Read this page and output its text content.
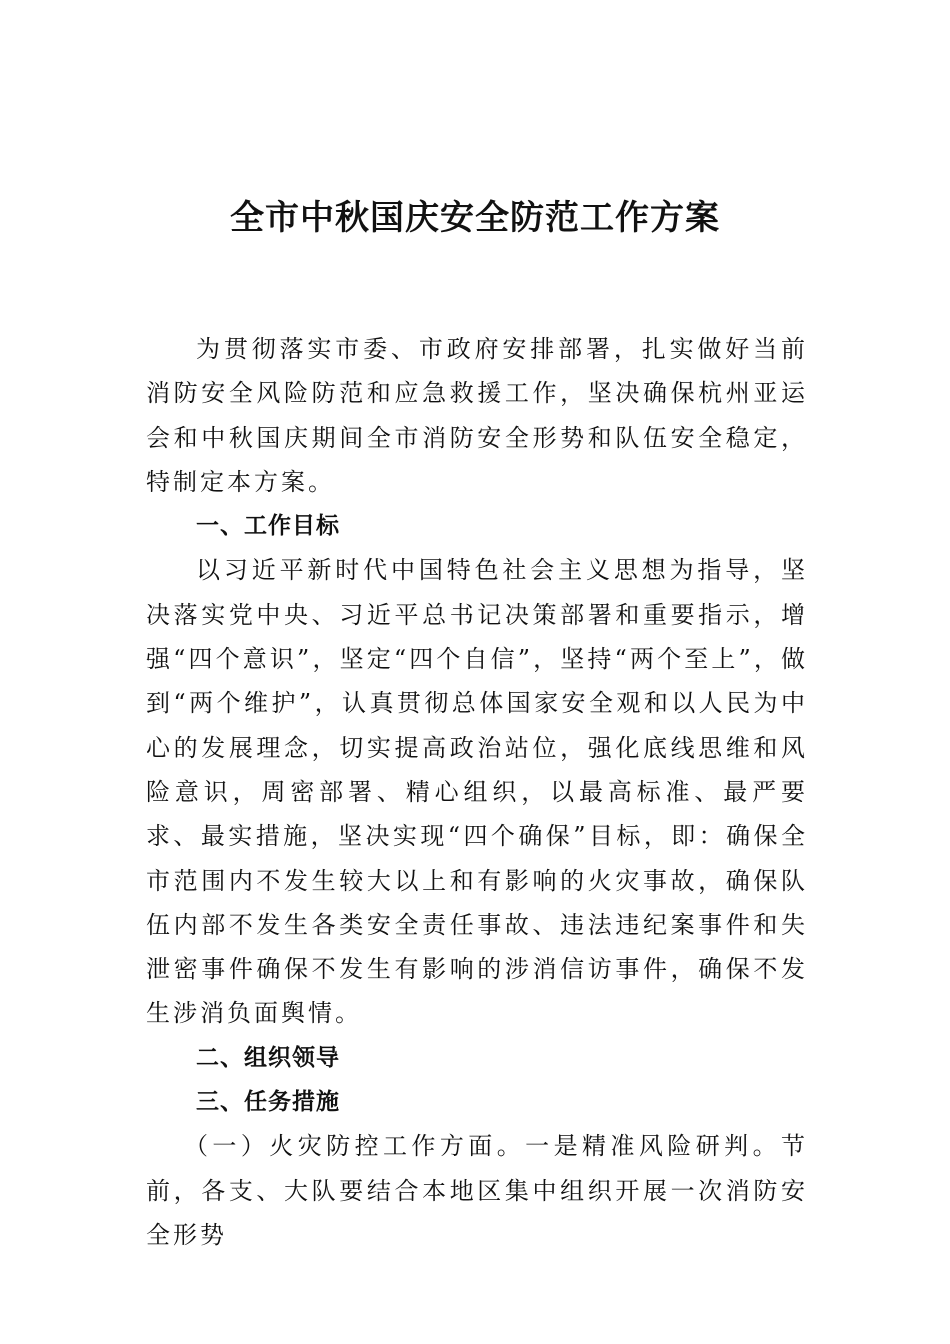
全市中秋国庆安全防范工作方案

为贯彻落实市委、市政府安排部署，扎实做好当前消防安全风险防范和应急救援工作，坚决确保杭州亚运会和中秋国庆期间全市消防安全形势和队伍安全稳定，特制定本方案。

一、工作目标

以习近平新时代中国特色社会主义思想为指导，坚决落实党中央、习近平总书记决策部署和重要指示，增强“四个意识”，坚定“四个自信”，坚持“两个至上”，做到“两个维护”，认真贯彻总体国家安全观和以人民为中心的发展理念，切实提高政治站位，强化底线思维和风险意识，周密部署、精心组织，以最高标准、最严要求、最实措施，坚决实现“四个确保”目标，即：确保全市范围内不发生较大以上和有影响的火灾事故，确保队伍内部不发生各类安全责任事故、违法违纪案事件和失泄密事件确保不发生有影响的涉消信访事件，确保不发生涉消负面舆情。

二、组织领导

三、任务措施

（一）火灾防控工作方面。一是精准风险研判。节前，各支、大队要结合本地区集中组织开展一次消防安全形势
